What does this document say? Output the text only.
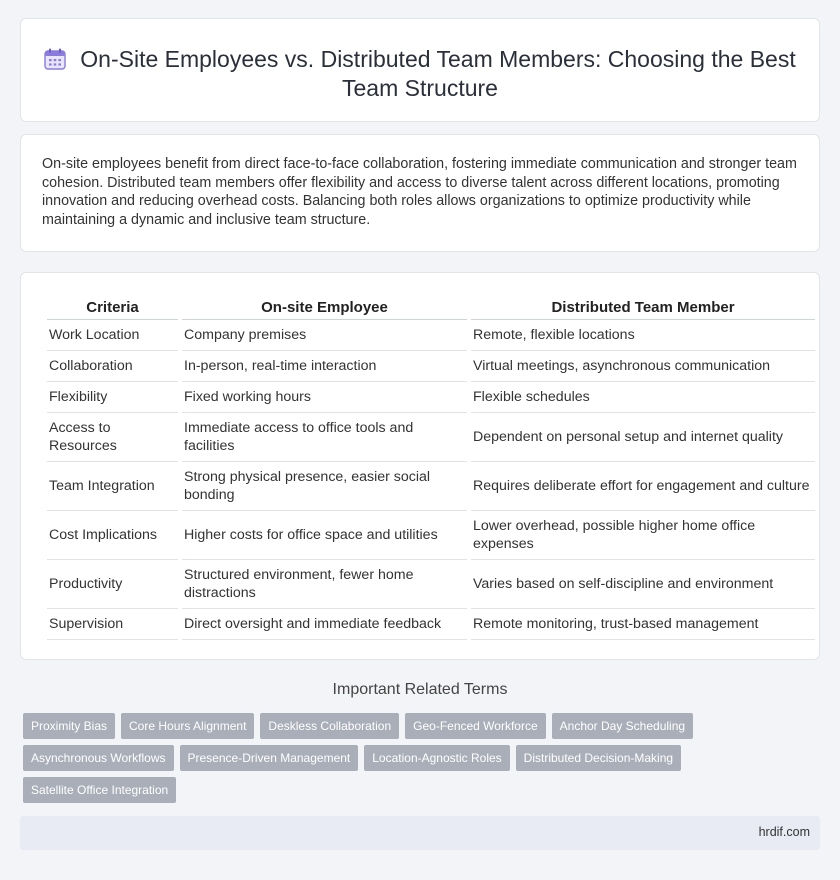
On-Site Employees vs. Distributed Team Members: Choosing the Best Team Structure

On-site employees benefit from direct face-to-face collaboration, fostering immediate communication and stronger team cohesion. Distributed team members offer flexibility and access to diverse talent across different locations, promoting innovation and reducing overhead costs. Balancing both roles allows organizations to optimize productivity while maintaining a dynamic and inclusive team structure.

Criteria	On-site Employee	Distributed Team Member
Work Location	Company premises	Remote, flexible locations
Collaboration	In-person, real-time interaction	Virtual meetings, asynchronous communication
Flexibility	Fixed working hours	Flexible schedules
Access to Resources	Immediate access to office tools and facilities	Dependent on personal setup and internet quality
Team Integration	Strong physical presence, easier social bonding	Requires deliberate effort for engagement and culture
Cost Implications	Higher costs for office space and utilities	Lower overhead, possible higher home office expenses
Productivity	Structured environment, fewer home distractions	Varies based on self-discipline and environment
Supervision	Direct oversight and immediate feedback	Remote monitoring, trust-based management
Important Related Terms
Proximity Bias	Core Hours Alignment	Deskless Collaboration	Geo-Fenced Workforce	Anchor Day Scheduling
Asynchronous Workflows	Presence-Driven Management	Location-Agnostic Roles	Distributed Decision-Making
Satellite Office Integration
hrdif.com
